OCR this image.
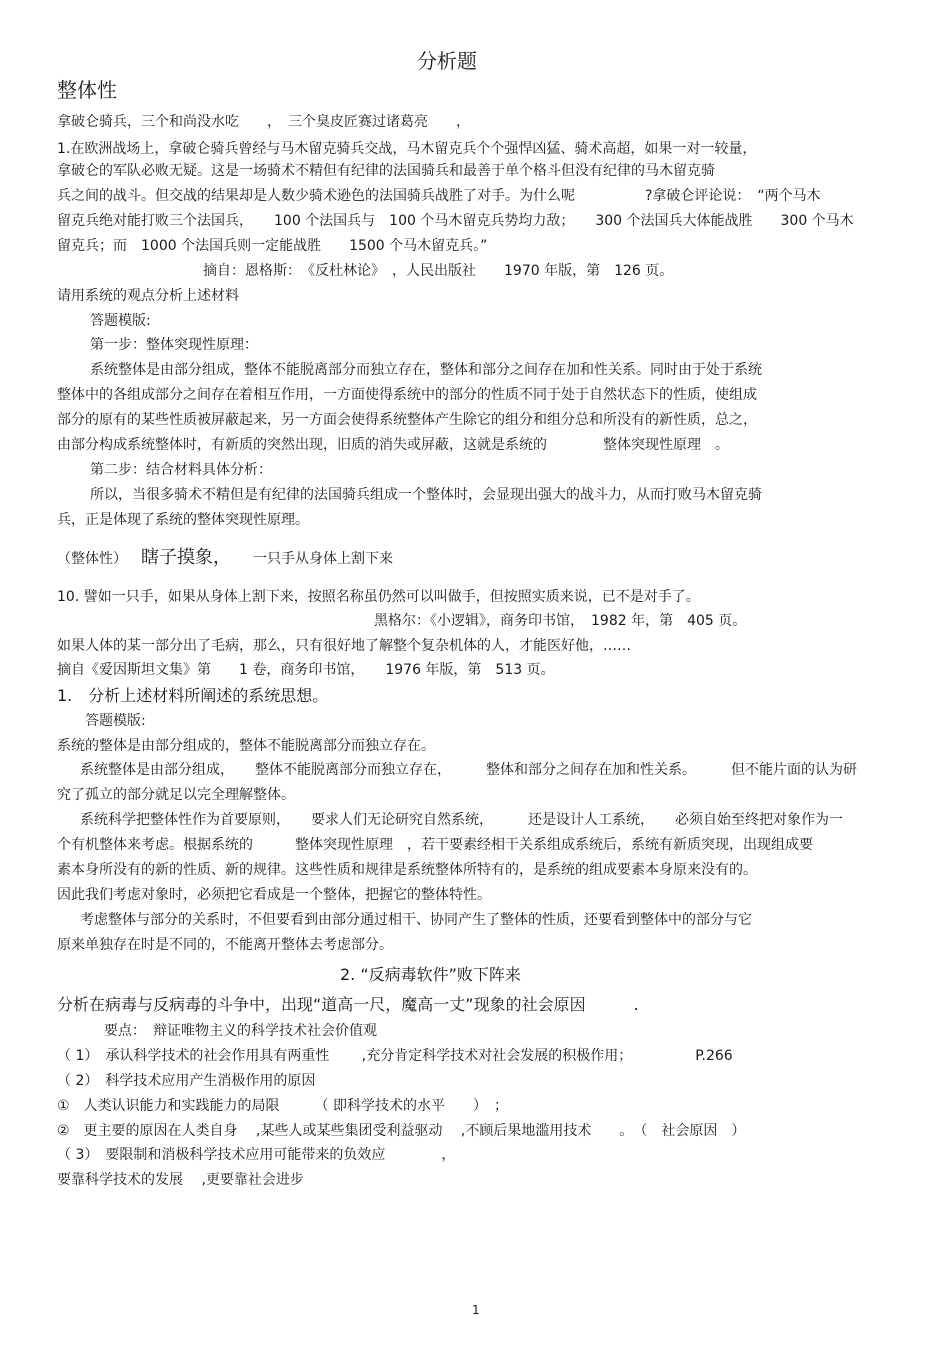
分析题
整体性
拿破仑骑兵，三个和尚没水吃　　，　三个臭皮匠赛过诸葛亮　　，
1.在欧洲战场上，拿破仑骑兵曾经与马木留克骑兵交战，马木留克兵个个强悍凶猛、骑术高超，如果一对一较量，
拿破仑的军队必败无疑。这是一场骑术不精但有纪律的法国骑兵和最善于单个格斗但没有纪律的马木留克骑
兵之间的战斗。但交战的结果却是人数少骑术逊色的法国骑兵战胜了对手。为什么呢　　　　　?拿破仑评论说：　“两个马木
留克兵绝对能打败三个法国兵，　　100 个法国兵与　100 个马木留克兵势均力敌；　　300 个法国兵大体能战胜　　300 个马木
留克兵；而　1000 个法国兵则一定能战胜　　1500 个马木留克兵。”
摘自：恩格斯：　《反杜林论》　，人民出版社　　1970 年版，第　126 页。
请用系统的观点分析上述材料
答题模版:
第一步：整体突现性原理：
系统整体是由部分组成，整体不能脱离部分而独立存在，整体和部分之间存在加和性关系。同时由于处于系统
整体中的各组成部分之间存在着相互作用，一方面使得系统中的部分的性质不同于处于自然状态下的性质，使组成
部分的原有的某些性质被屏蔽起来，另一方面会使得系统整体产生除它的组分和组分总和所没有的新性质，总之，
由部分构成系统整体时，有新质的突然出现，旧质的消失或屏蔽，这就是系统的　　　　整体突现性原理　。
第二步：结合材料具体分析：
所以，当很多骑术不精但是有纪律的法国骑兵组成一个整体时，会显现出强大的战斗力，从而打败马木留克骑
兵，正是体现了系统的整体突现性原理。
（整体性） 瞎子摸象， 一只手从身体上割下来
10. 譬如一只手，如果从身体上割下来，按照名称虽仍然可以叫做手，但按照实质来说，已不是对手了。
黑格尔：《小逻辑》，商务印书馆，　1982 年，第　405 页。
如果人体的某一部分出了毛病，那么，只有很好地了解整个复杂机体的人，才能医好他，……
摘自《爱因斯坦文集》第　　1 卷，商务印书馆，　　1976 年版，第　513 页。
1.　分析上述材料所阐述的系统思想。
答题模版:
系统的整体是由部分组成的，整体不能脱离部分而独立存在。
系统整体是由部分组成，　　整体不能脱离部分而独立存在，　　　整体和部分之间存在加和性关系。　　　但不能片面的认为研
究了孤立的部分就足以完全理解整体。
系统科学把整体性作为首要原则，　　要求人们无论研究自然系统，　　　还是设计人工系统，　　必须自始至终把对象作为一
个有机整体来考虑。根据系统的　　　整体突现性原理　，若干要素经相干关系组成系统后，系统有新质突现，出现组成要
素本身所没有的新的性质、新的规律。这些性质和规律是系统整体所特有的，是系统的组成要素本身原来没有的。
因此我们考虑对象时，必须把它看成是一个整体，把握它的整体特性。
考虑整体与部分的关系时，不但要看到由部分通过相干、协同产生了整体的性质，还要看到整体中的部分与它
原来单独存在时是不同的，不能离开整体去考虑部分。
2. “反病毒软件”败下阵来
分析在病毒与反病毒的斗争中，出现“道高一尺，魔高一丈”现象的社会原因　　　.
要点：　辩证唯物主义的科学技术社会价值观
（ 1）　承认科学技术的社会作用具有两重性　　 ,充分肯定科学技术对社会发展的积极作用；　　　　　P.266
（ 2）　科学技术应用产生消极作用的原因
①　人类认识能力和实践能力的局限　　　（ 即科学技术的水平　　）　；
②　更主要的原因在人类自身　 ,某些人或某些集团受利益驱动　 ,不顾后果地滥用技术　　。　（　社会原因　）
（ 3）　要限制和消极科学技术应用可能带来的负效应　　　　，
要靠科学技术的发展　 ,更要靠社会进步
1
